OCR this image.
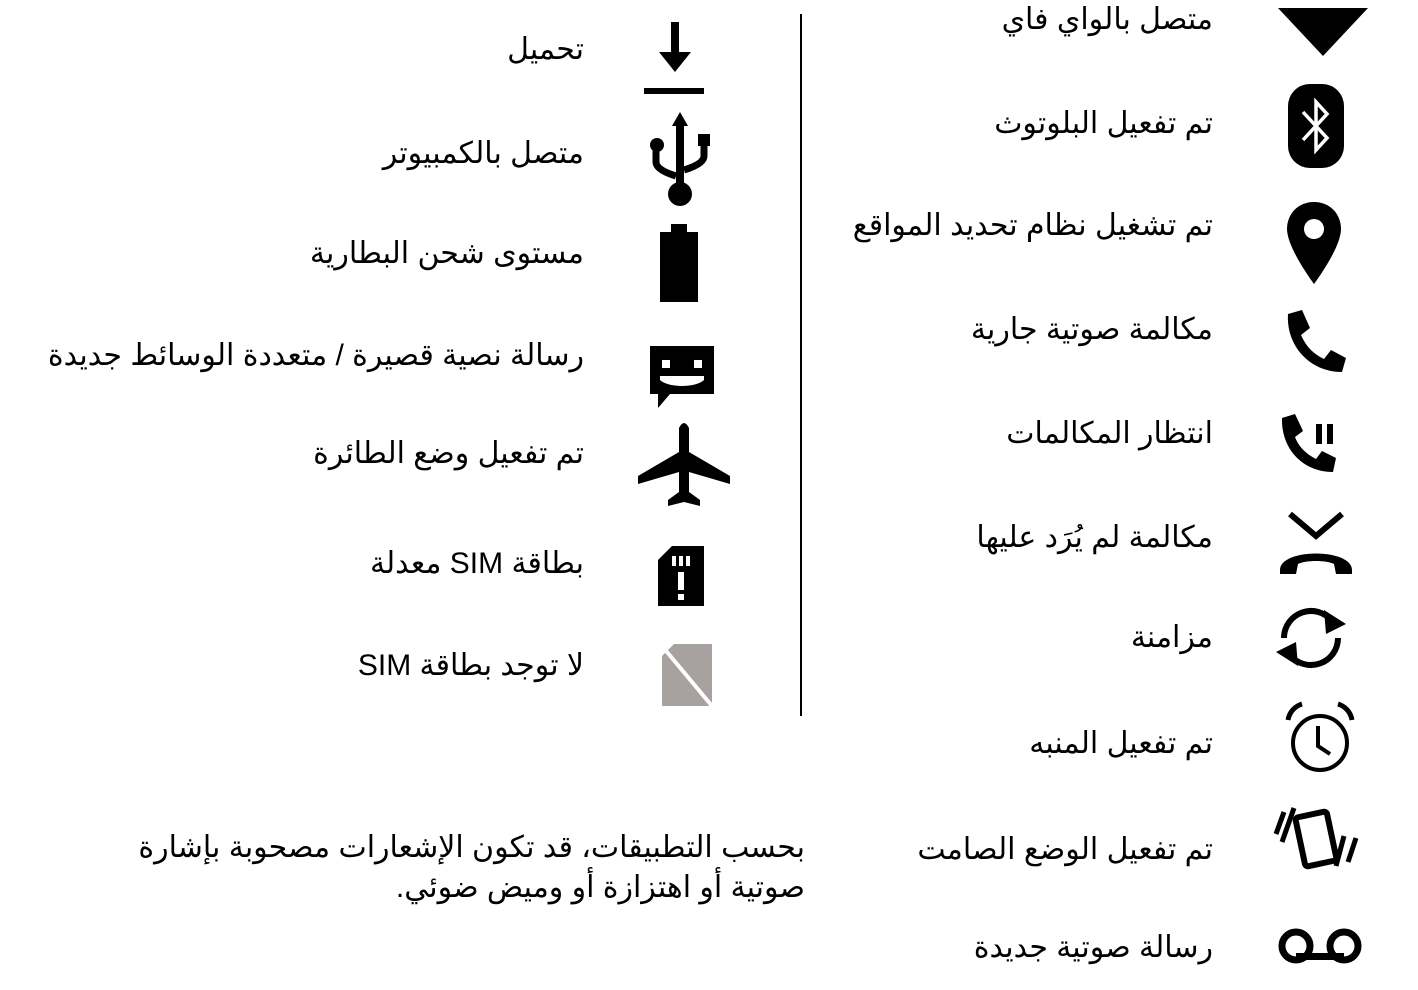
متصل بالواي فاي
تم تفعيل البلوتوث
تم تشغيل نظام تحديد المواقع
مكالمة صوتية جارية
انتظار المكالمات
مكالمة لم يُرَد عليها
مزامنة
تم تفعيل المنبه
تم تفعيل الوضع الصامت
رسالة صوتية جديدة
تحميل
متصل بالكمبيوتر
مستوى شحن البطارية
رسالة نصية قصيرة / متعددة الوسائط جديدة
تم تفعيل وضع الطائرة
بطاقة SIM معدلة
لا توجد بطاقة SIM
بحسب التطبيقات، قد تكون الإشعارات مصحوبة بإشارة صوتية أو اهتزازة أو وميض ضوئي.
